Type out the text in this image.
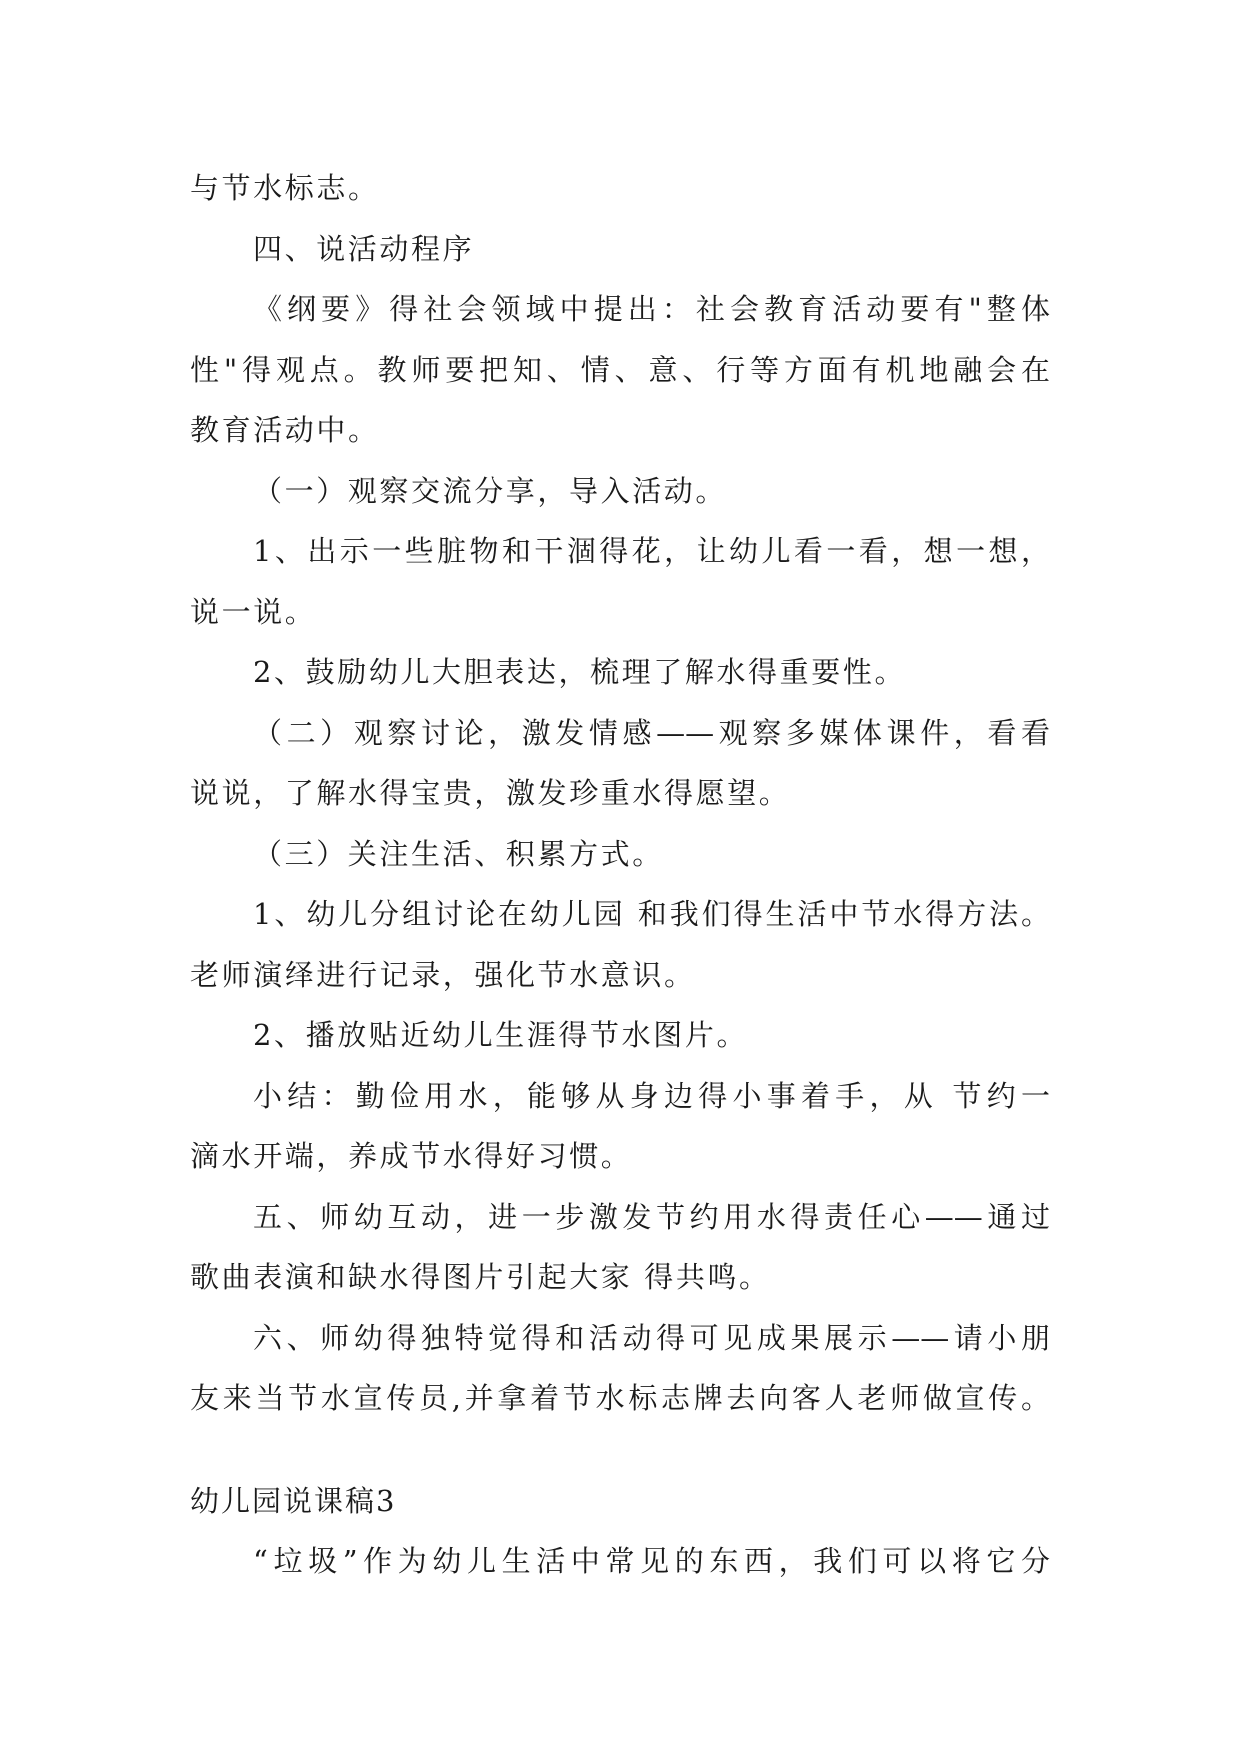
与节水标志。
四、说活动程序
《纲要》得社会领域中提出：社会教育活动要有"整体
性"得观点。教师要把知、情、意、行等方面有机地融会在
教育活动中。
（一）观察交流分享，导入活动。
1、出示一些脏物和干涸得花，让幼儿看一看，想一想，
说一说。
2、鼓励幼儿大胆表达，梳理了解水得重要性。
（二）观察讨论，激发情感——观察多媒体课件，看看
说说，了解水得宝贵，激发珍重水得愿望。
（三）关注生活、积累方式。
1、幼儿分组讨论在幼儿园 和我们得生活中节水得方法。
老师演绎进行记录，强化节水意识。
2、播放贴近幼儿生涯得节水图片。
小结：勤俭用水，能够从身边得小事着手，从 节约一
滴水开端，养成节水得好习惯。
五、师幼互动，进一步激发节约用水得责任心——通过
歌曲表演和缺水得图片引起大家 得共鸣。
六、师幼得独特觉得和活动得可见成果展示——请小朋
友来当节水宣传员,并拿着节水标志牌去向客人老师做宣传。
幼儿园说课稿3
“垃圾”作为幼儿生活中常见的东西，我们可以将它分
